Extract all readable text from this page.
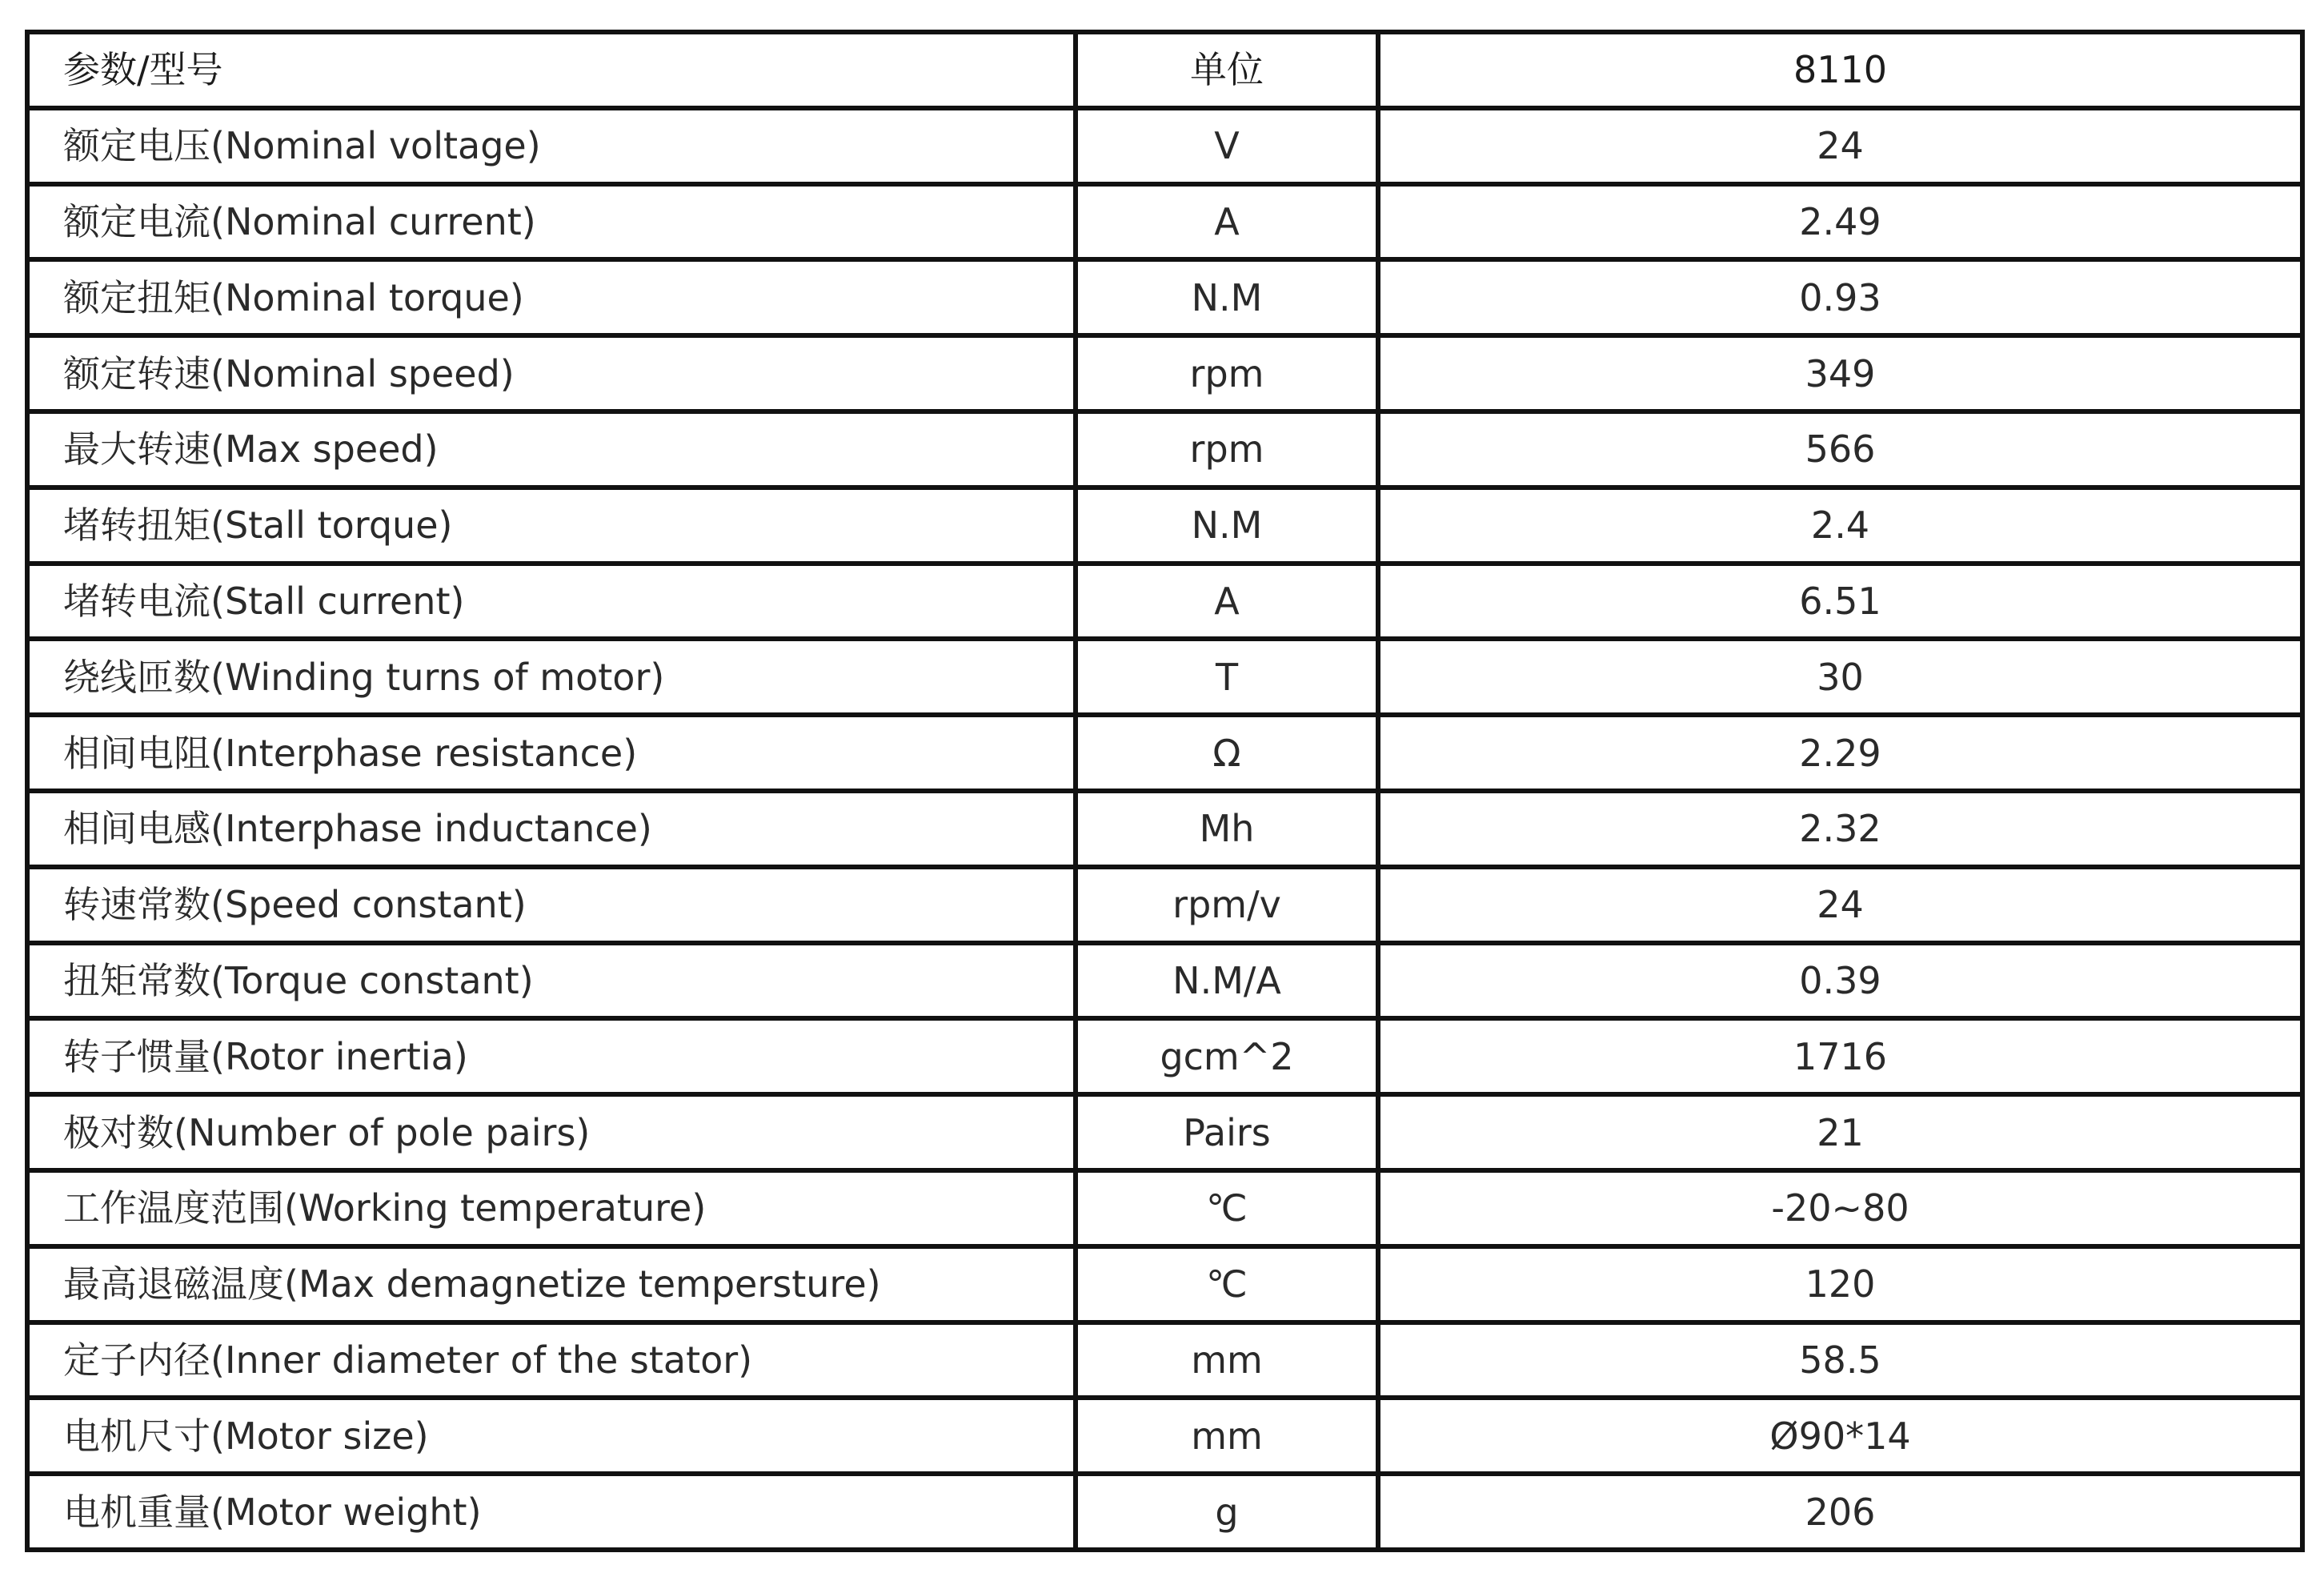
参数/型号	单位	8110
额定电压(Nominal voltage)	V	24
额定电流(Nominal current)	A	2.49
额定扭矩(Nominal torque)	N.M	0.93
额定转速(Nominal speed)	rpm	349
最大转速(Max speed)	rpm	566
堵转扭矩(Stall torque)	N.M	2.4
堵转电流(Stall current)	A	6.51
绕线匝数(Winding turns of motor)	T	30
相间电阻(Interphase resistance)	Ω	2.29
相间电感(Interphase inductance)	Mh	2.32
转速常数(Speed constant)	rpm/v	24
扭矩常数(Torque constant)	N.M/A	0.39
转子惯量(Rotor inertia)	gcm^2	1716
极对数(Number of pole pairs)	Pairs	21
工作温度范围(Working temperature)	℃	-20~80
最高退磁温度(Max demagnetize tempersture)	℃	120
定子内径(Inner diameter of the stator)	mm	58.5
电机尺寸(Motor size)	mm	Ø90*14
电机重量(Motor weight)	g	206
